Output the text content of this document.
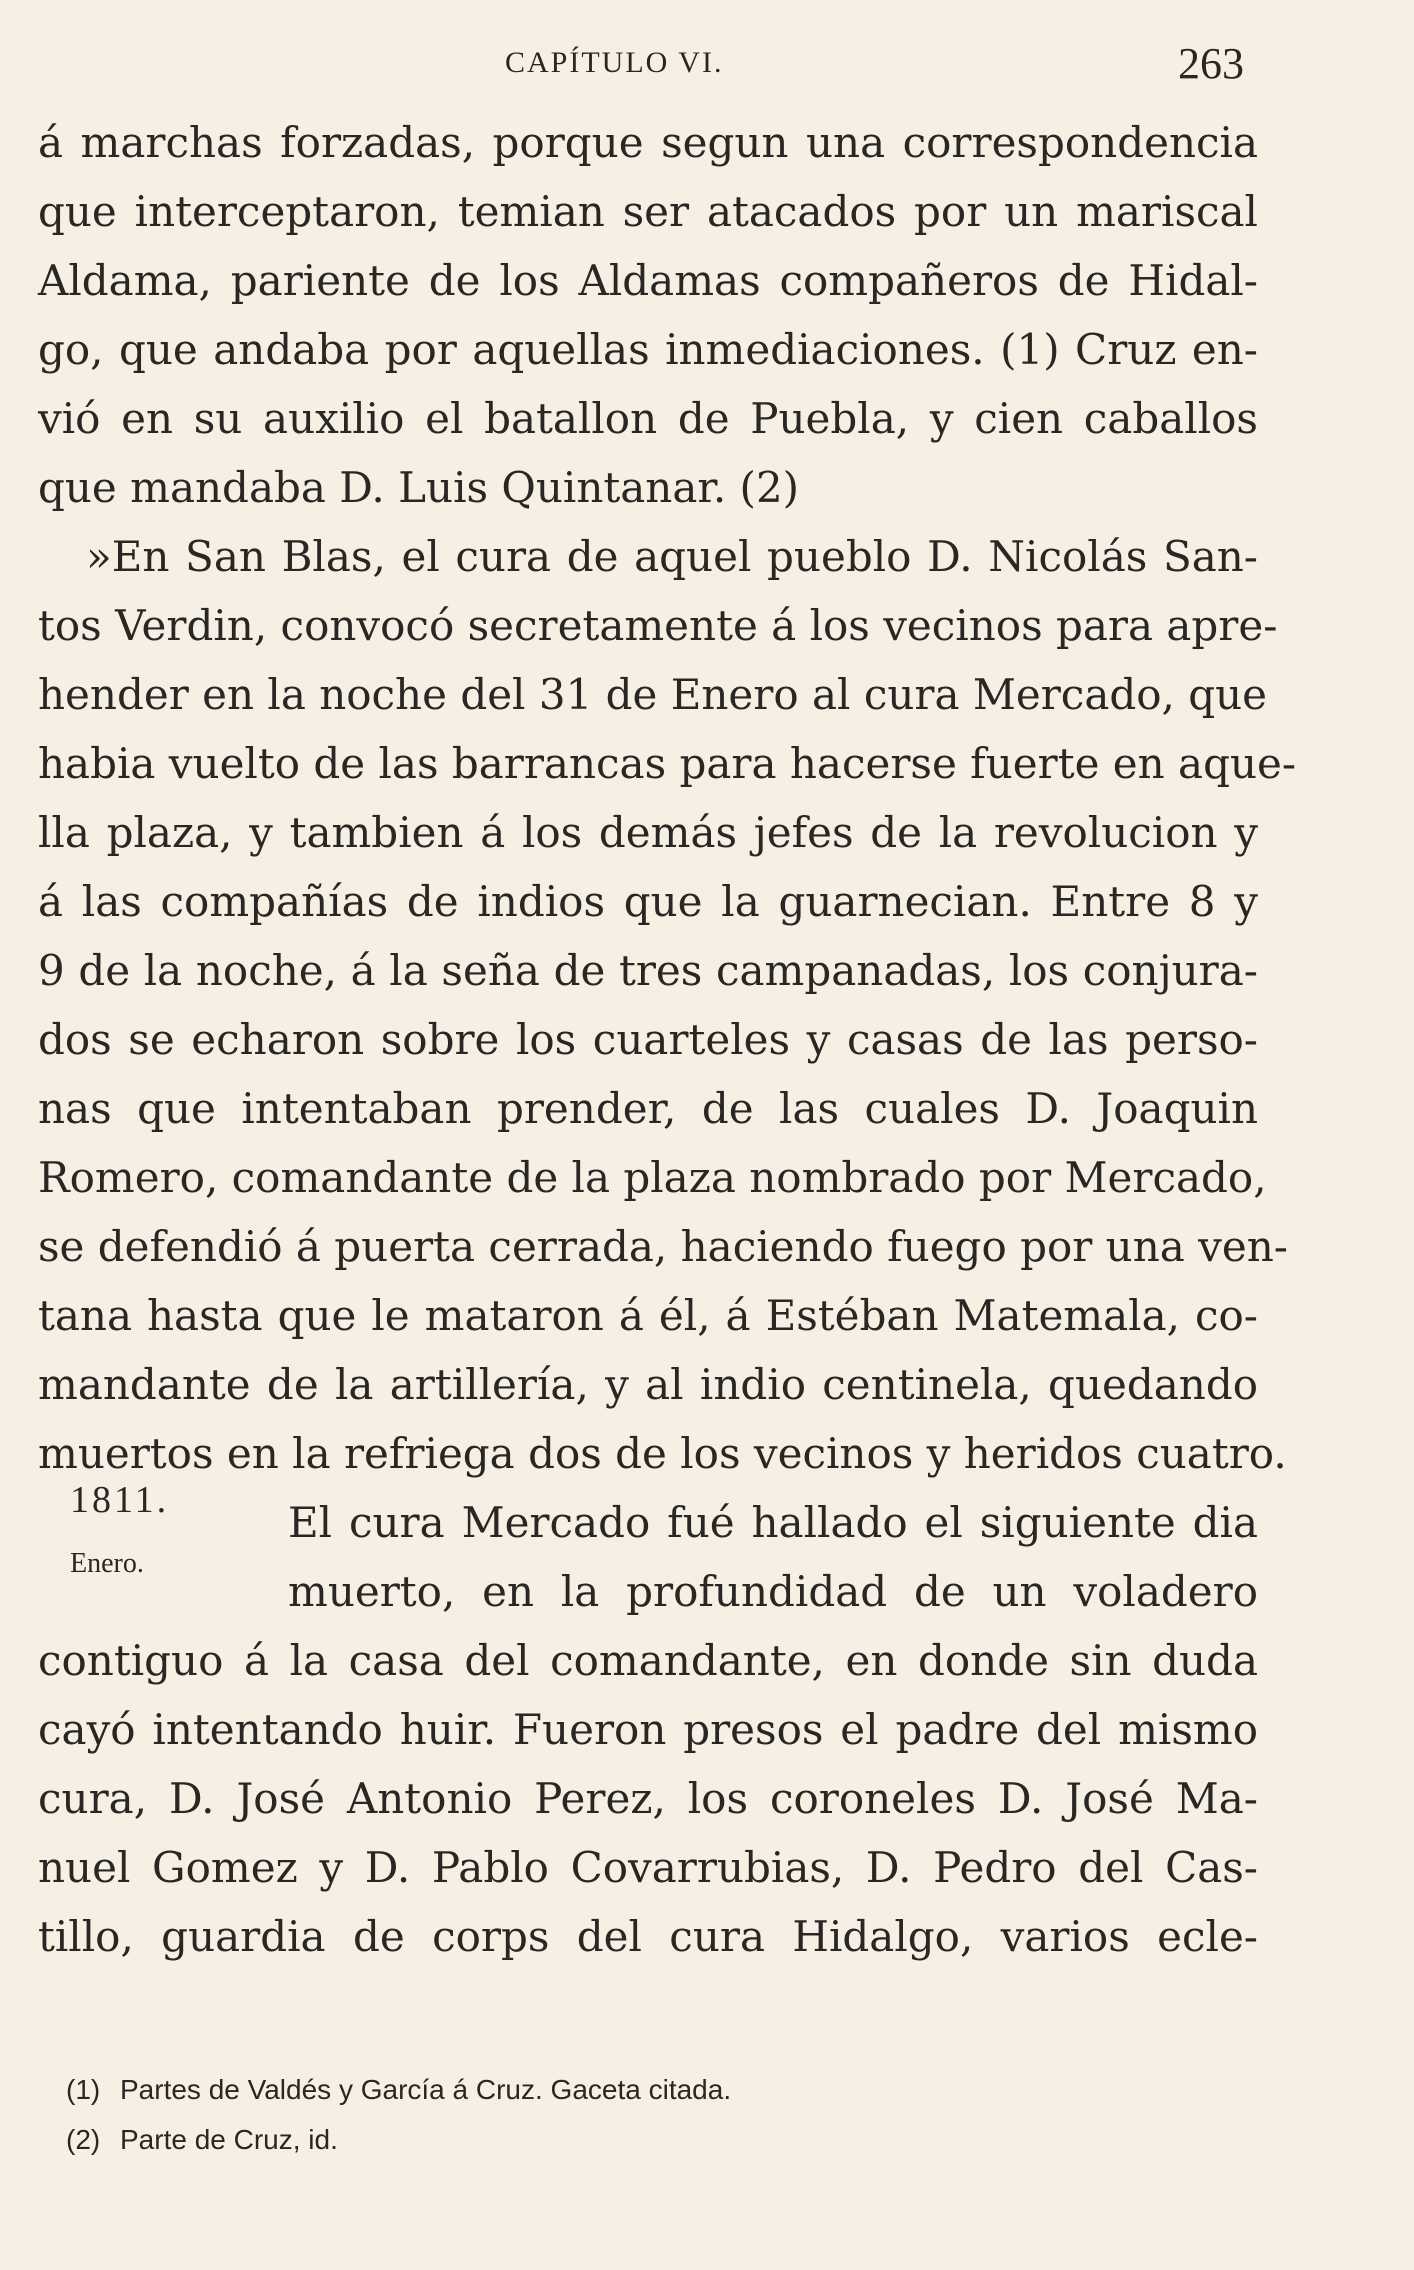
CAPÍTULO VI.	263
á marchas forzadas, porque segun una correspondencia
que interceptaron, temian ser atacados por un mariscal
Aldama, pariente de los Aldamas compañeros de Hidal-
go, que andaba por aquellas inmediaciones. (1) Cruz en-
vió en su auxilio el batallon de Puebla, y cien caballos
que mandaba D. Luis Quintanar. (2)
»En San Blas, el cura de aquel pueblo D. Nicolás San-
tos Verdin, convocó secretamente á los vecinos para apre-
hender en la noche del 31 de Enero al cura Mercado, que
habia vuelto de las barrancas para hacerse fuerte en aque-
lla plaza, y tambien á los demás jefes de la revolucion y
á las compañías de indios que la guarnecian. Entre 8 y
9 de la noche, á la seña de tres campanadas, los conjura-
dos se echaron sobre los cuarteles y casas de las perso-
nas que intentaban prender, de las cuales D. Joaquin
Romero, comandante de la plaza nombrado por Mercado,
se defendió á puerta cerrada, haciendo fuego por una ven-
tana hasta que le mataron á él, á Estéban Matemala, co-
mandante de la artillería, y al indio centinela, quedando
muertos en la refriega dos de los vecinos y heridos cuatro.
El cura Mercado fué hallado el siguiente dia
muerto, en la profundidad de un voladero
contiguo á la casa del comandante, en donde sin duda
cayó intentando huir. Fueron presos el padre del mismo
cura, D. José Antonio Perez, los coroneles D. José Ma-
nuel Gomez y D. Pablo Covarrubias, D. Pedro del Cas-
tillo, guardia de corps del cura Hidalgo, varios ecle-
1811.
Enero.
(1) Partes de Valdés y García á Cruz. Gaceta citada.
(2) Parte de Cruz, id.
